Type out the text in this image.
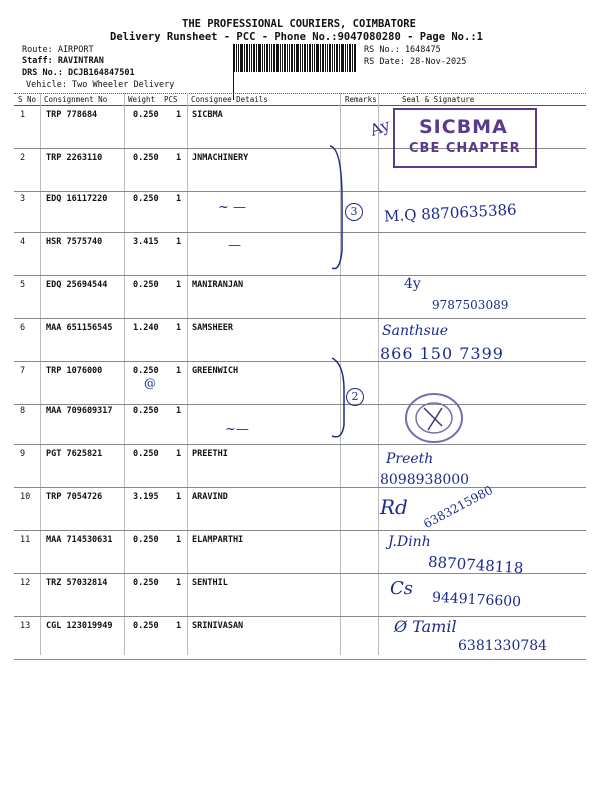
THE PROFESSIONAL COURIERS, COIMBATORE
Delivery Runsheet - PCC - Phone No.:9047080280 - Page No.:1
Route: AIRPORT
Staff: RAVINTRAN
DRS No.: DCJB164847501
Vehicle: Two Wheeler Delivery
RS No.: 1648475
RS Date: 28-Nov-2025
S No Consignment No	Weight PCS Consignee Details	Remarks	Seal & Signature
1 TRP 778684	0.250 1 SICBMA
2 TRP 2263110	0.250 1 JNMACHINERY
3 EDQ 16117220	0.250 1
4 HSR 7575740	3.415 1
5 EDQ 25694544	0.250 1 MANIRANJAN
6 MAA 651156545 1.240 1 SAMSHEER
7 TRP 1076000	0.250 1 GREENWICH
8 MAA 709609317 0.250 1
9 PGT 7625821	0.250 1 PREETHI
10 TRP 7054726	3.195 1 ARAVIND
11 MAA 714530631 0.250 1 ELAMPARTHI
12 TRZ 57032814	0.250 1 SENTHIL
13 CGL 123019949 0.250 1 SRINIVASAN
SICBMA
CBE CHAPTER
Ay
3
2
~ —
—
@
~—
M.Q 8870635386
4y
9787503089
Santhsue
866 150 7399
Preeth
8098938000
Rd 6383215980
J.Dinh
8870748118
Cs
9449176600
Ø Tamil
6381330784
